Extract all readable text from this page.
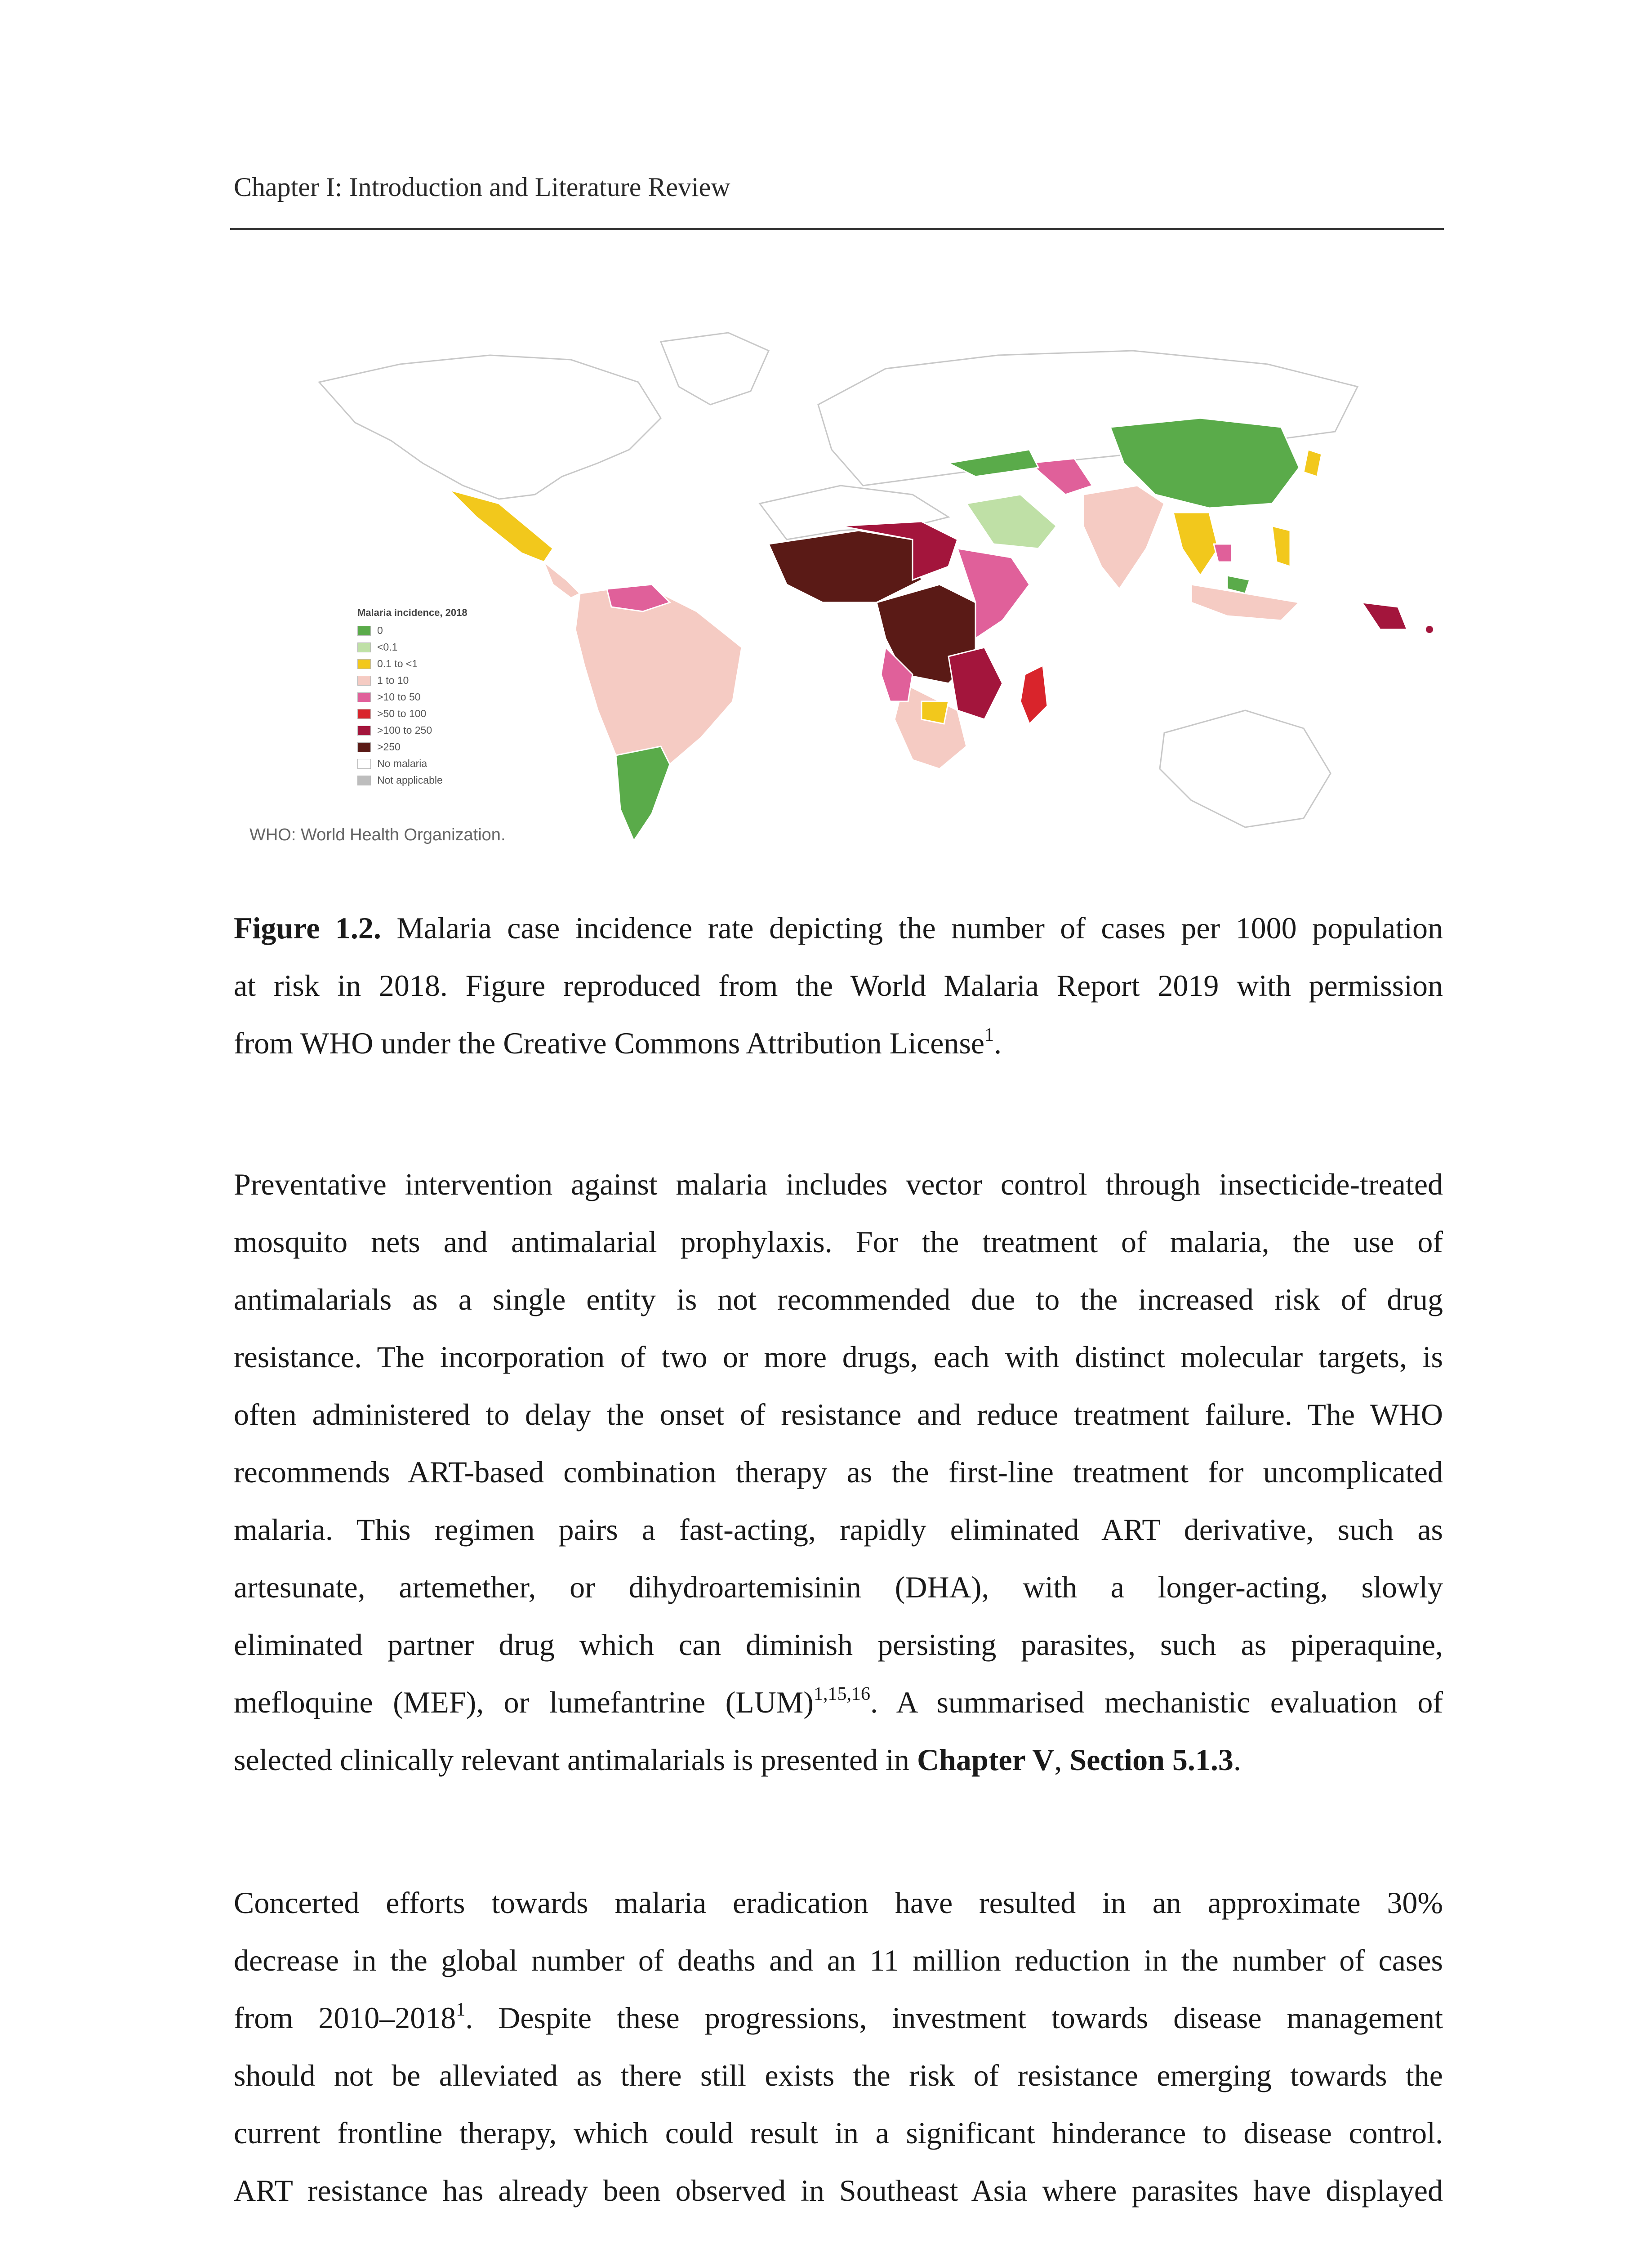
Chapter I: Introduction and Literature Review
Malaria incidence, 2018
0
<0.1
0.1 to <1
1 to 10
>10 to 50
>50 to 100
>100 to 250
>250
No malaria
Not applicable
WHO: World Health Organization.
Figure 1.2. Malaria case incidence rate depicting the number of cases per 1000 population
at risk in 2018. Figure reproduced from the World Malaria Report 2019 with permission
from WHO under the Creative Commons Attribution License$^1$.
Preventative intervention against malaria includes vector control through insecticide-treated
mosquito nets and antimalarial prophylaxis. For the treatment of malaria, the use of
antimalarials as a single entity is not recommended due to the increased risk of drug
resistance. The incorporation of two or more drugs, each with distinct molecular targets, is
often administered to delay the onset of resistance and reduce treatment failure. The WHO
recommends ART-based combination therapy as the first-line treatment for uncomplicated
malaria. This regimen pairs a fast-acting, rapidly eliminated ART derivative, such as
artesunate, artemether, or dihydroartemisinin (DHA), with a longer-acting, slowly
eliminated partner drug which can diminish persisting parasites, such as piperaquine,
mefloquine (MEF), or lumefantrine (LUM)$^{1,15,16}$. A summarised mechanistic evaluation of
selected clinically relevant antimalarials is presented in Chapter V, Section 5.1.3.
Concerted efforts towards malaria eradication have resulted in an approximate 30%
decrease in the global number of deaths and an 11 million reduction in the number of cases
from 2010–2018$^1$. Despite these progressions, investment towards disease management
should not be alleviated as there still exists the risk of resistance emerging towards the
current frontline therapy, which could result in a significant hinderance to disease control.
ART resistance has already been observed in Southeast Asia where parasites have displayed
